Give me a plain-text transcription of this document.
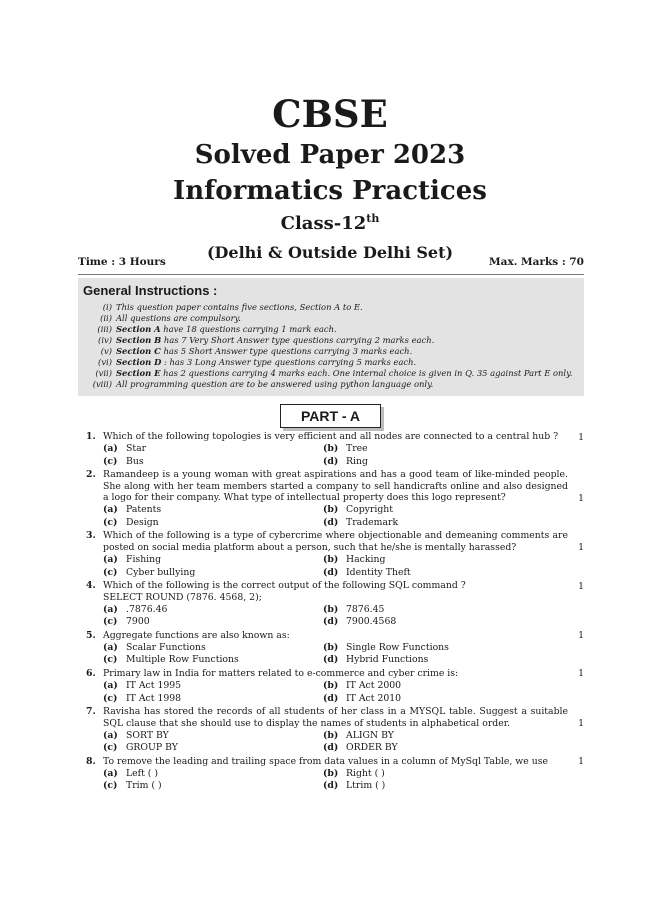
CBSE
Solved Paper 2023
Informatics Practices
Class-12th
(Delhi & Outside Delhi Set)
Time : 3 Hours	Max. Marks : 70
General Instructions :
(i) This question paper contains five sections, Section A to E.
(ii) All questions are compulsory.
(iii) Section A have 18 questions carrying 1 mark each.
(iv) Section B has 7 Very Short Answer type questions carrying 2 marks each.
(v) Section C has 5 Short Answer type questions carrying 3 marks each.
(vi) Section D : has 3 Long Answer type questions carrying 5 marks each.
(vii) Section E has 2 questions carrying 4 marks each. One internal choice is given in Q. 35 against Part E only.
(viii) All programming question are to be answered using python language only.
PART - A
1. Which of the following topologies is very efficient and all nodes are connected to a central hub ?	1
(a) Star	(b) Tree
(c) Bus	(d) Ring
2. Ramandeep is a young woman with great aspirations and has a good team of like-minded people. She along with her team members started a company to sell handicrafts online and also designed a logo for their company. What type of intellectual property does this logo represent?	1
(a) Patents	(b) Copyright
(c) Design	(d) Trademark
3. Which of the following is a type of cybercrime where objectionable and demeaning comments are posted on social media platform about a person, such that he/she is mentally harassed?	1
(a) Fishing	(b) Hacking
(c) Cyber bullying	(d) Identity Theft
4. Which of the following is the correct output of the following SQL command ?	1
SELECT ROUND (7876. 4568, 2);
(a) .7876.46	(b) 7876.45
(c) 7900	(d) 7900.4568
5. Aggregate functions are also known as:	1
(a) Scalar Functions	(b) Single Row Functions
(c) Multiple Row Functions	(d) Hybrid Functions
6. Primary law in India for matters related to e-commerce and cyber crime is:	1
(a) IT Act 1995	(b) IT Act 2000
(c) IT Act 1998	(d) IT Act 2010
7. Ravisha has stored the records of all students of her class in a MYSQL table. Suggest a suitable SQL clause that she should use to display the names of students in alphabetical order.	1
(a) SORT BY	(b) ALIGN BY
(c) GROUP BY	(d) ORDER BY
8. To remove the leading and trailing space from data values in a column of MySql Table, we use	1
(a) Left ( )	(b) Right ( )
(c) Trim ( )	(d) Ltrim ( )
